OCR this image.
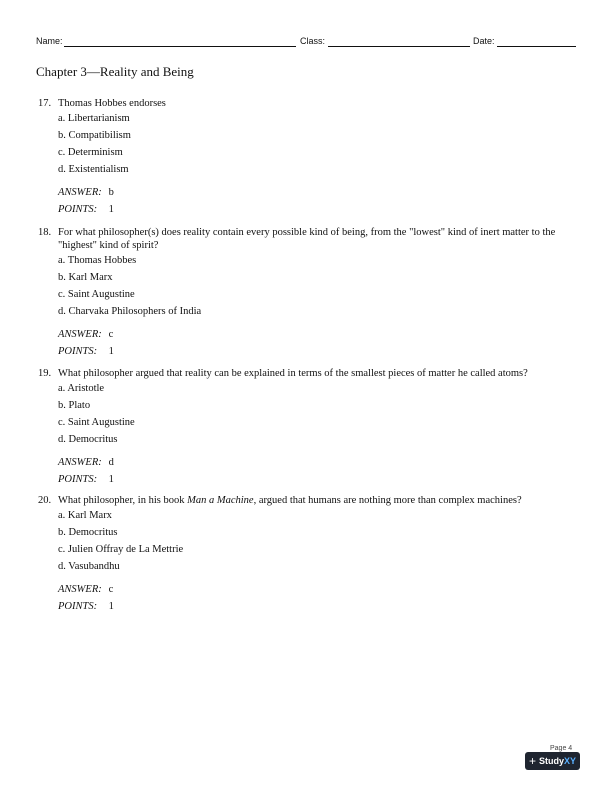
Name:	Class:	Date:
Chapter 3—Reality and Being
17. Thomas Hobbes endorses
a. Libertarianism
b. Compatibilism
c. Determinism
d. Existentialism
ANSWER: b
POINTS: 1
18. For what philosopher(s) does reality contain every possible kind of being, from the "lowest" kind of inert matter to the "highest" kind of spirit?
a. Thomas Hobbes
b. Karl Marx
c. Saint Augustine
d. Charvaka Philosophers of India
ANSWER: c
POINTS: 1
19. What philosopher argued that reality can be explained in terms of the smallest pieces of matter he called atoms?
a. Aristotle
b. Plato
c. Saint Augustine
d. Democritus
ANSWER: d
POINTS: 1
20. What philosopher, in his book Man a Machine, argued that humans are nothing more than complex machines?
a. Karl Marx
b. Democritus
c. Julien Offray de La Mettrie
d. Vasubandhu
ANSWER: c
POINTS: 1
Page 4
+ StudyXY
